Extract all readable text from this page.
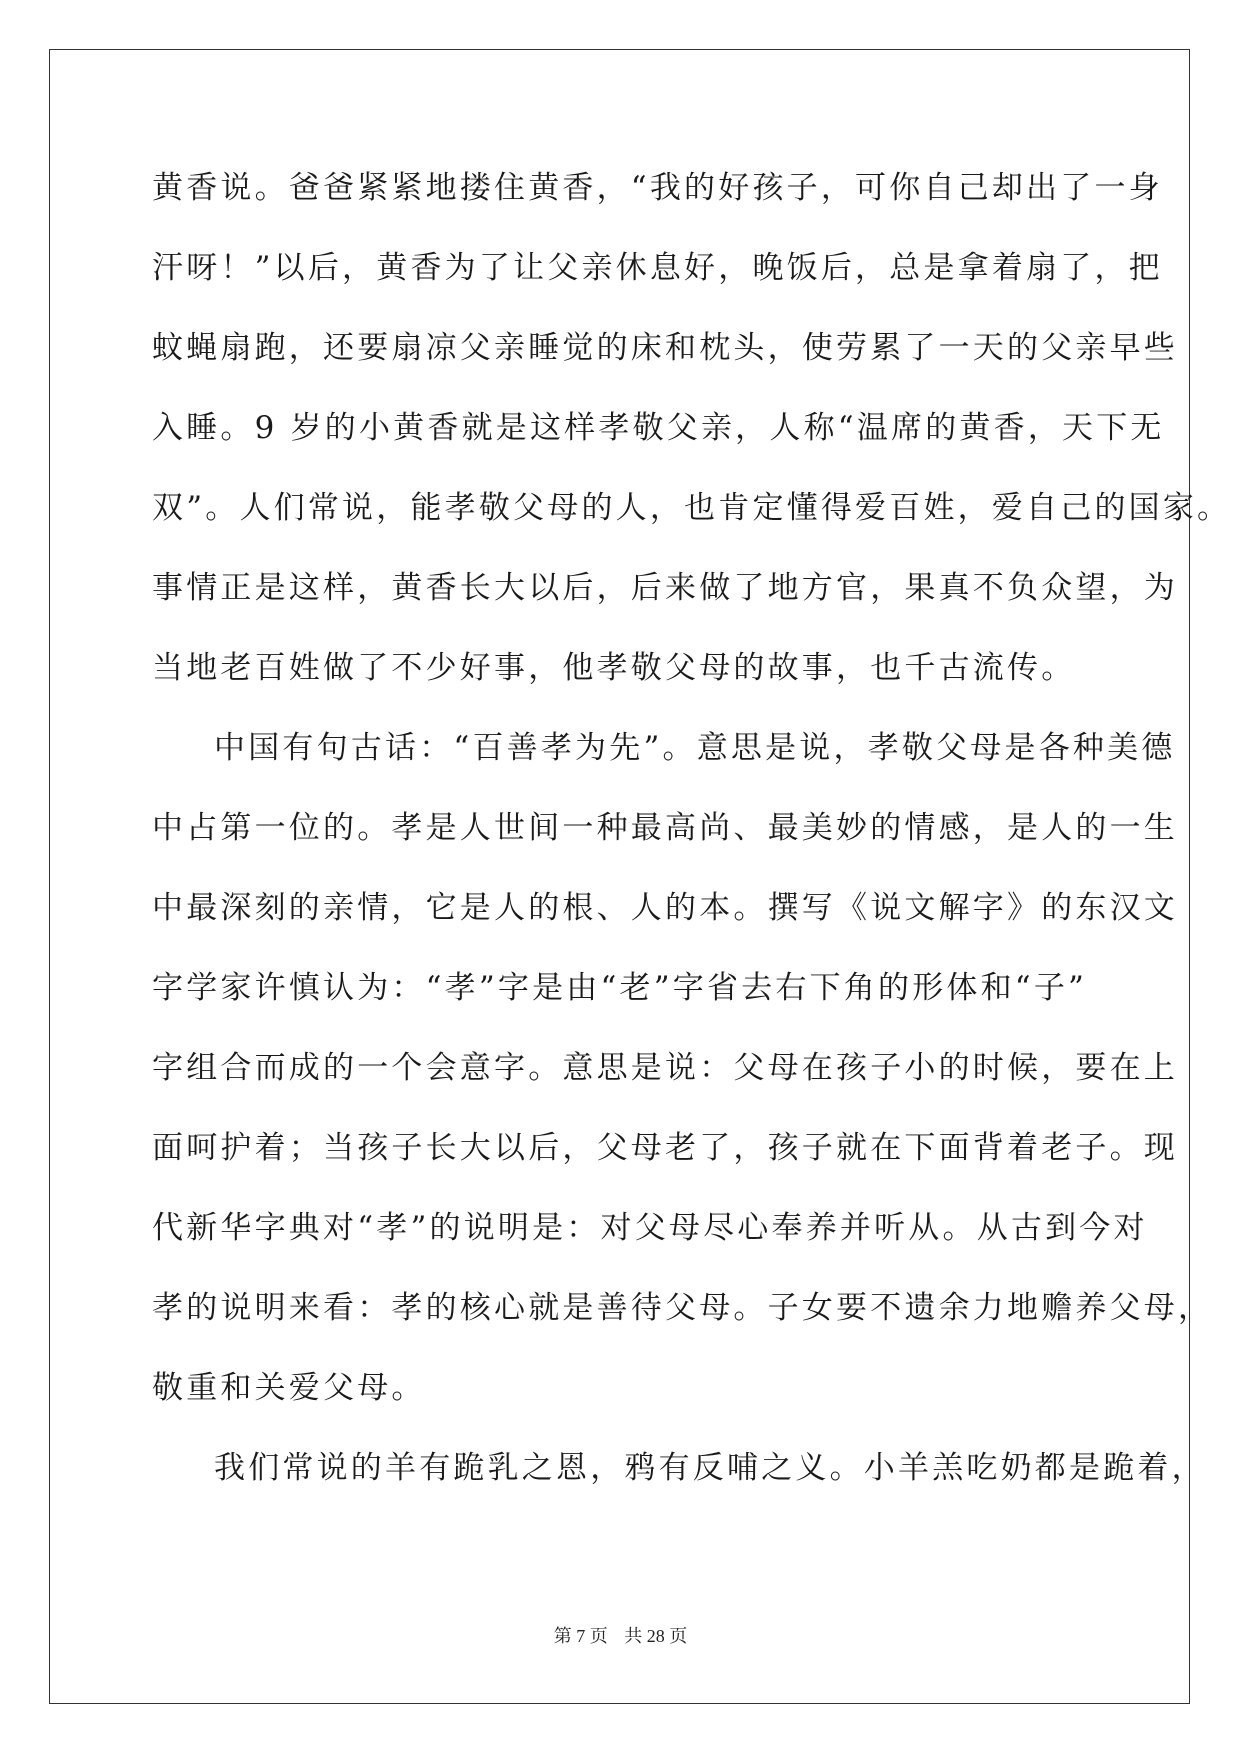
黄香说。爸爸紧紧地搂住黄香，“我的好孩子，可你自己却出了一身
汗呀！”以后，黄香为了让父亲休息好，晚饭后，总是拿着扇了，把
蚊蝇扇跑，还要扇凉父亲睡觉的床和枕头，使劳累了一天的父亲早些
入睡。9 岁的小黄香就是这样孝敬父亲，人称“温席的黄香，天下无
双”。人们常说，能孝敬父母的人，也肯定懂得爱百姓，爱自己的国家。
事情正是这样，黄香长大以后，后来做了地方官，果真不负众望，为
当地老百姓做了不少好事，他孝敬父母的故事，也千古流传。
中国有句古话：“百善孝为先”。意思是说，孝敬父母是各种美德
中占第一位的。孝是人世间一种最高尚、最美妙的情感，是人的一生
中最深刻的亲情，它是人的根、人的本。撰写《说文解字》的东汉文
字学家许慎认为：“孝”字是由“老”字省去右下角的形体和“子”
字组合而成的一个会意字。意思是说：父母在孩子小的时候，要在上
面呵护着；当孩子长大以后，父母老了，孩子就在下面背着老子。现
代新华字典对“孝”的说明是：对父母尽心奉养并听从。从古到今对
孝的说明来看：孝的核心就是善待父母。子女要不遗余力地赡养父母，
敬重和关爱父母。
我们常说的羊有跪乳之恩，鸦有反哺之义。小羊羔吃奶都是跪着，
第 7 页 共 28 页
